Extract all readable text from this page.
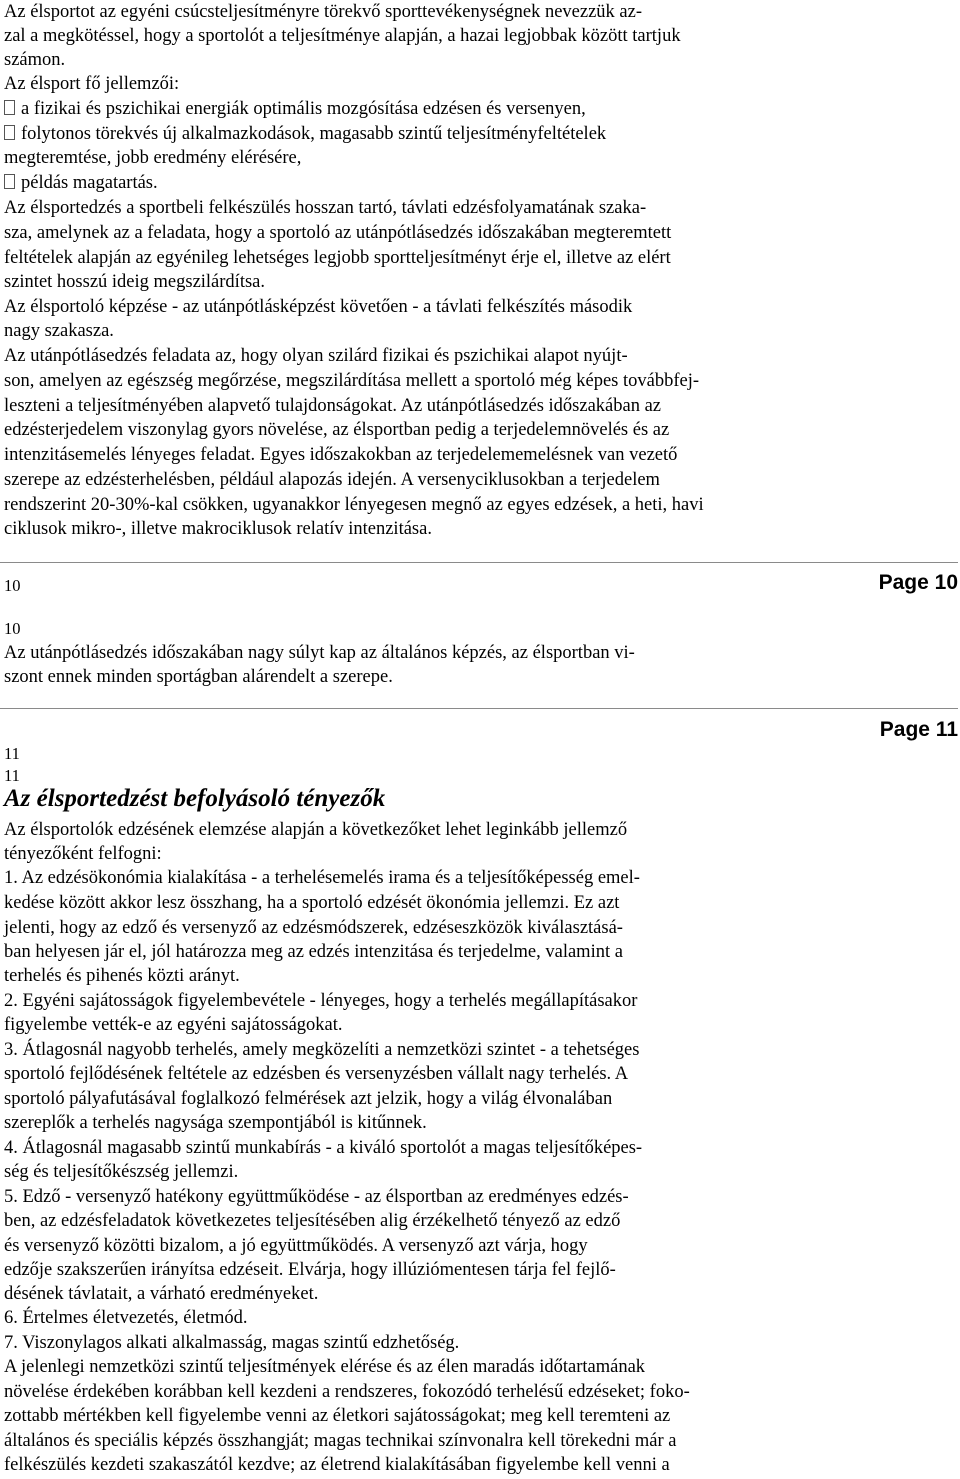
Az élsportot az egyéni csúcsteljesítményre törekvő sporttevékenységnek nevezzük az-
zal a megkötéssel, hogy a sportolót a teljesítménye alapján, a hazai legjobbak között tartjuk
számon.
Az élsport fő jellemzői:
a fizikai és pszichikai energiák optimális mozgósítása edzésen és versenyen,
folytonos törekvés új alkalmazkodások, magasabb szintű teljesítményfeltételek
megteremtése, jobb eredmény elérésére,
példás magatartás.
Az élsportedzés a sportbeli felkészülés hosszan tartó, távlati edzésfolyamatának szaka-
sza, amelynek az a feladata, hogy a sportoló az utánpótlásedzés időszakában megteremtett
feltételek alapján az egyénileg lehetséges legjobb sportteljesítményt érje el, illetve az elért
szintet hosszú ideig megszilárdítsa.
Az élsportoló képzése - az utánpótlásképzést követően - a távlati felkészítés második
nagy szakasza.
Az utánpótlásedzés feladata az, hogy olyan szilárd fizikai és pszichikai alapot nyújt-
son, amelyen az egészség megőrzése, megszilárdítása mellett a sportoló még képes továbbfej-
leszteni a teljesítményében alapvető tulajdonságokat. Az utánpótlásedzés időszakában az
edzésterjedelem viszonylag gyors növelése, az élsportban pedig a terjedelemnövelés és az
intenzitásemelés lényeges feladat. Egyes időszakokban az terjedelememelésnek van vezető
szerepe az edzésterhelésben, például alapozás idején. A versenyciklusokban a terjedelem
rendszerint 20-30%-kal csökken, ugyanakkor lényegesen megnő az egyes edzések, a heti, havi
ciklusok mikro-, illetve makrociklusok relatív intenzitása.
Page 10
10
10
Az utánpótlásedzés időszakában nagy súlyt kap az általános képzés, az élsportban vi-
szont ennek minden sportágban alárendelt a szerepe.
Page 11
11
11
Az élsportedzést befolyásoló tényezők
Az élsportolók edzésének elemzése alapján a következőket lehet leginkább jellemző
tényezőként felfogni:
1. Az edzésökonómia kialakítása - a terhelésemelés irama és a teljesítőképesség emel-
kedése között akkor lesz összhang, ha a sportoló edzését ökonómia jellemzi. Ez azt
jelenti, hogy az edző és versenyző az edzésmódszerek, edzéseszközök kiválasztásá-
ban helyesen jár el, jól határozza meg az edzés intenzitása és terjedelme, valamint a
terhelés és pihenés közti arányt.
2. Egyéni sajátosságok figyelembevétele - lényeges, hogy a terhelés megállapításakor
figyelembe vették-e az egyéni sajátosságokat.
3. Átlagosnál nagyobb terhelés, amely megközelíti a nemzetközi szintet - a tehetséges
sportoló fejlődésének feltétele az edzésben és versenyzésben vállalt nagy terhelés. A
sportoló pályafutásával foglalkozó felmérések azt jelzik, hogy a világ élvonalában
szereplők a terhelés nagysága szempontjából is kitűnnek.
4. Átlagosnál magasabb szintű munkabírás - a kiváló sportolót a magas teljesítőképes-
ség és teljesítőkészség jellemzi.
5. Edző - versenyző hatékony együttműködése - az élsportban az eredményes edzés-
ben, az edzésfeladatok következetes teljesítésében alig érzékelhető tényező az edző
és versenyző közötti bizalom, a jó együttműködés. A versenyző azt várja, hogy
edzője szakszerűen irányítsa edzéseit. Elvárja, hogy illúziómentesen tárja fel fejlő-
désének távlatait, a várható eredményeket.
6. Értelmes életvezetés, életmód.
7. Viszonylagos alkati alkalmasság, magas szintű edzhetőség.
A jelenlegi nemzetközi szintű teljesítmények elérése és az élen maradás időtartamának
növelése érdekében korábban kell kezdeni a rendszeres, fokozódó terhelésű edzéseket; foko-
zottabb mértékben kell figyelembe venni az életkori sajátosságokat; meg kell teremteni az
általános és speciális képzés összhangját; magas technikai színvonalra kell törekedni már a
felkészülés kezdeti szakaszától kezdve; az életrend kialakításában figyelembe kell venni a
